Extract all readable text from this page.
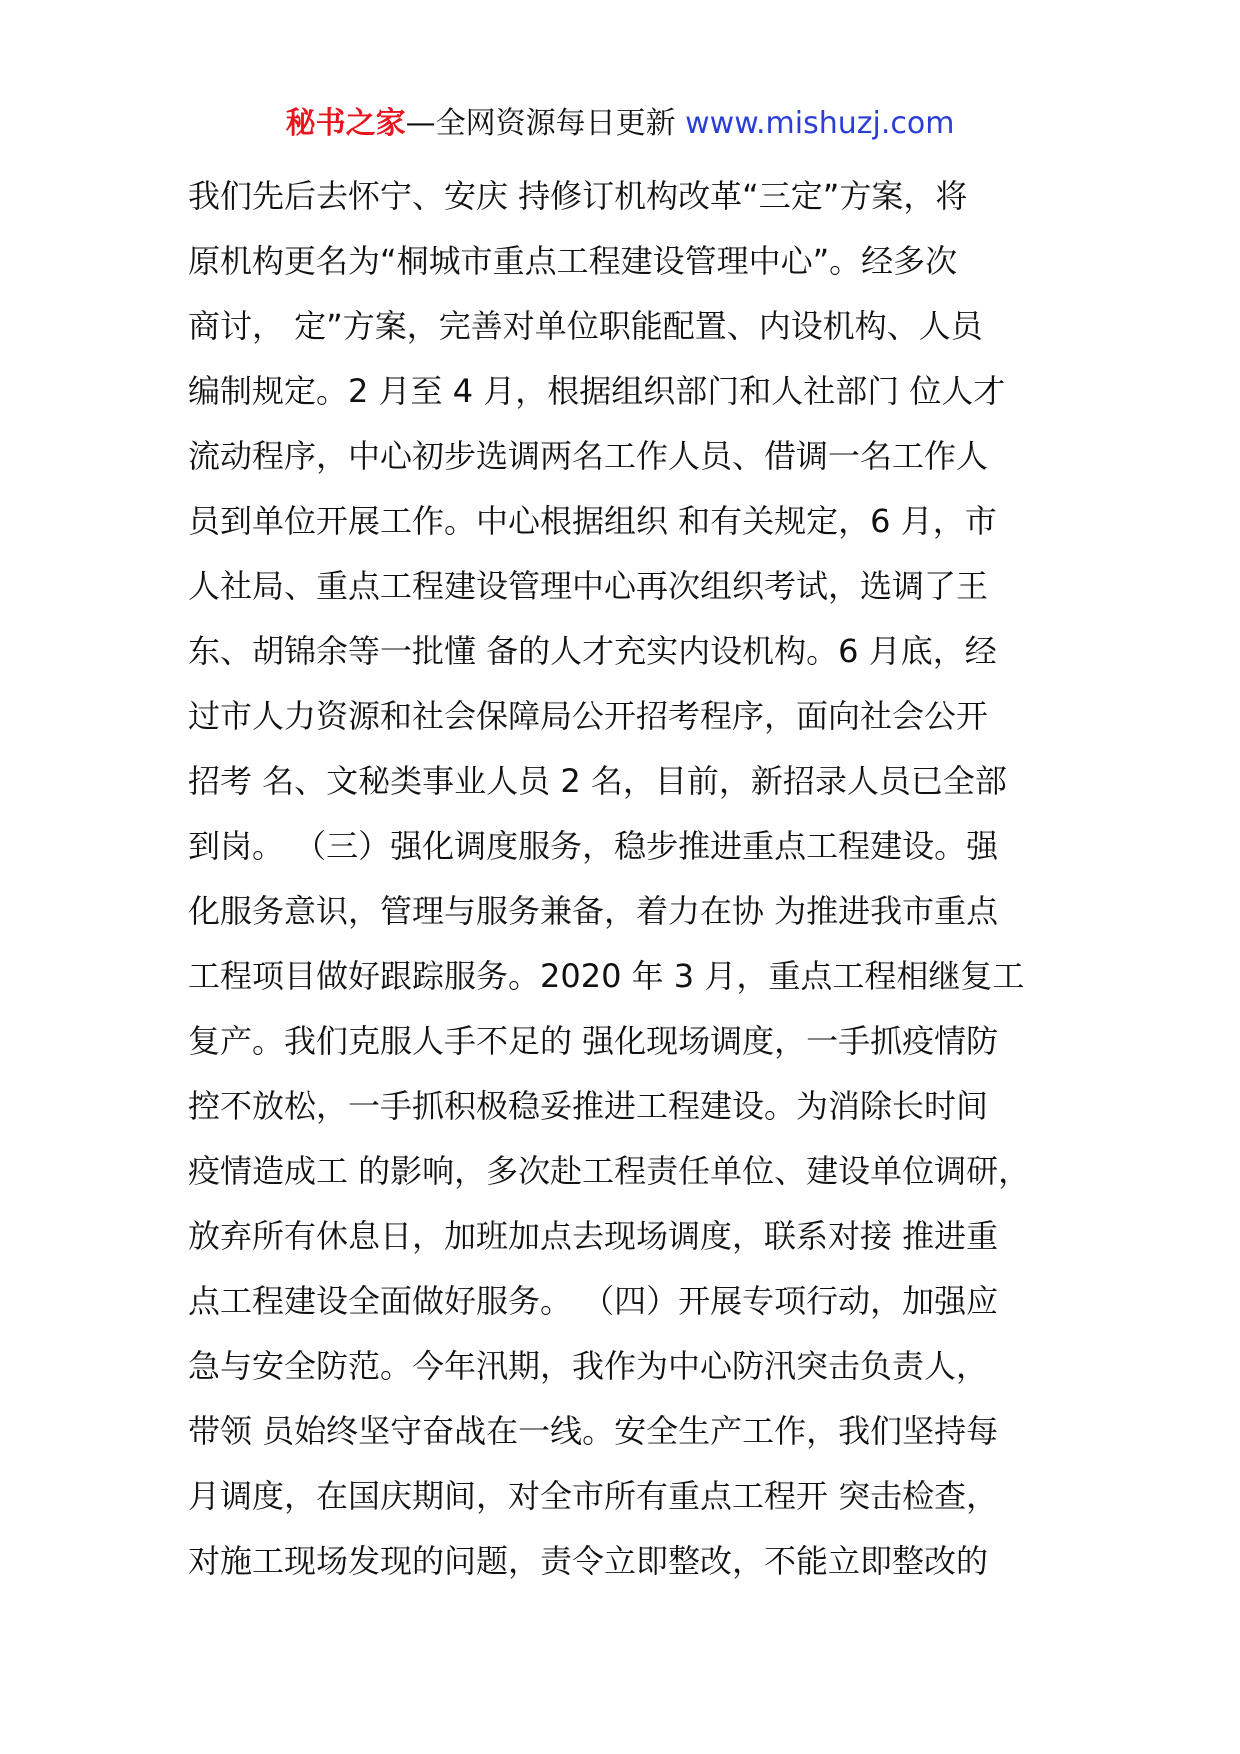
秘书之家—全网资源每日更新 www.mishuzj.com
我们先后去怀宁、安庆 持修订机构改革“三定”方案，将
原机构更名为“桐城市重点工程建设管理中心”。经多次
商讨， 定”方案，完善对单位职能配置、内设机构、人员
编制规定。2 月至 4 月，根据组织部门和人社部门 位人才
流动程序，中心初步选调两名工作人员、借调一名工作人
员到单位开展工作。中心根据组织 和有关规定，6 月，市
人社局、重点工程建设管理中心再次组织考试，选调了王
东、胡锦余等一批懂 备的人才充实内设机构。6 月底，经
过市人力资源和社会保障局公开招考程序，面向社会公开
招考 名、文秘类事业人员 2 名，目前，新招录人员已全部
到岗。 （三）强化调度服务，稳步推进重点工程建设。强
化服务意识，管理与服务兼备，着力在协 为推进我市重点
工程项目做好跟踪服务。2020 年 3 月，重点工程相继复工
复产。我们克服人手不足的 强化现场调度，一手抓疫情防
控不放松，一手抓积极稳妥推进工程建设。为消除长时间
疫情造成工 的影响，多次赴工程责任单位、建设单位调研，
放弃所有休息日，加班加点去现场调度，联系对接 推进重
点工程建设全面做好服务。 （四）开展专项行动，加强应
急与安全防范。今年汛期，我作为中心防汛突击负责人，
带领 员始终坚守奋战在一线。安全生产工作，我们坚持每
月调度，在国庆期间，对全市所有重点工程开 突击检查，
对施工现场发现的问题，责令立即整改，不能立即整改的
